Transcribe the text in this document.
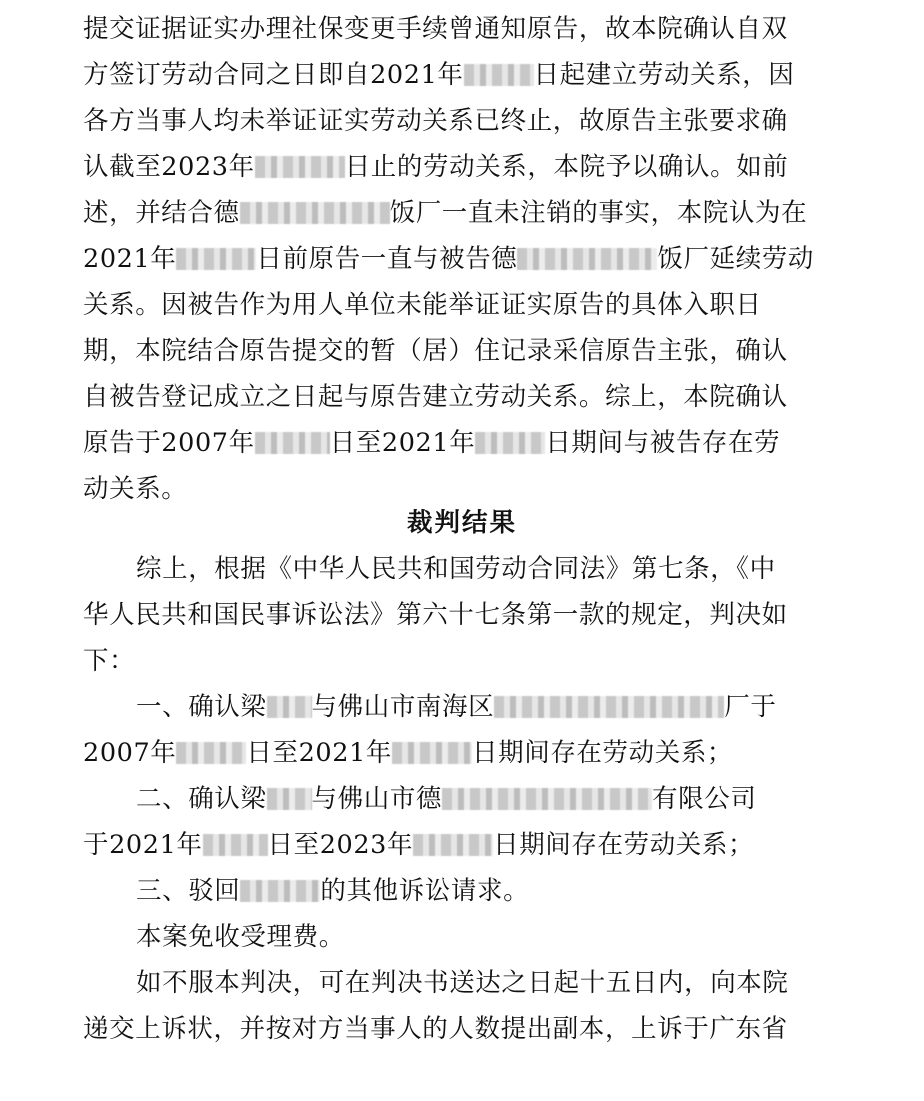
提交证据证实办理社保变更手续曾通知原告，故本院确认自双
方签订劳动合同之日即自2021年	日起建立劳动关系，因
各方当事人均未举证证实劳动关系已终止，故原告主张要求确
认截至2023年	日止的劳动关系，本院予以确认。如前
述，并结合德	饭厂一直未注销的事实，本院认为在
2021年	日前原告一直与被告德	饭厂延续劳动
关系。因被告作为用人单位未能举证证实原告的具体入职日
期，本院结合原告提交的暂（居）住记录采信原告主张，确认
自被告登记成立之日起与原告建立劳动关系。综上，本院确认
原告于2007年	日至2021年	日期间与被告存在劳
动关系。
裁判结果
综上，根据《中华人民共和国劳动合同法》第七条，《中
华人民共和国民事诉讼法》第六十七条第一款的规定，判决如
下：
一、确认梁 与佛山市南海区	厂于
2007年	日至2021年	日期间存在劳动关系；
二、确认梁 与佛山市德	有限公司
于2021年	日至2023年	日期间存在劳动关系；
三、驳回	的其他诉讼请求。
本案免收受理费。
如不服本判决，可在判决书送达之日起十五日内，向本院
递交上诉状，并按对方当事人的人数提出副本，上诉于广东省
